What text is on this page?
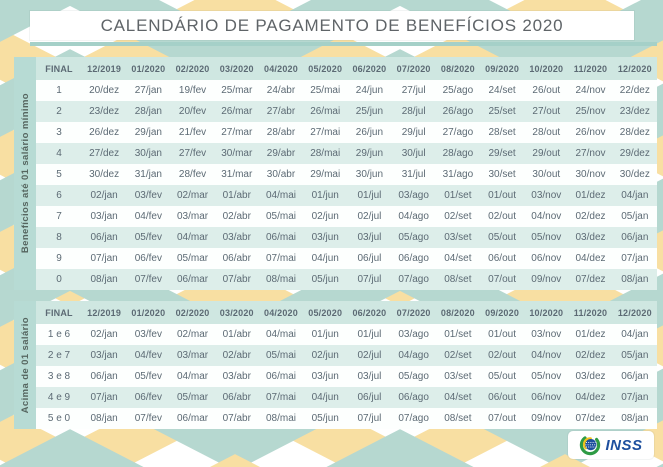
CALENDÁRIO DE PAGAMENTO DE BENEFÍCIOS 2020
Benefícios até 01 salário mínimo
FINAL	12/2019	01/2020	02/2020	03/2020	04/2020	05/2020	06/2020	07/2020	08/2020	09/2020	10/2020	11/2020	12/2020
1	20/dez	27/jan	19/fev	25/mar	24/abr	25/mai	24/jun	27/jul	25/ago	24/set	26/out	24/nov	22/dez
2	23/dez	28/jan	20/fev	26/mar	27/abr	26/mai	25/jun	28/jul	26/ago	25/set	27/out	25/nov	23/dez
3	26/dez	29/jan	21/fev	27/mar	28/abr	27/mai	26/jun	29/jul	27/ago	28/set	28/out	26/nov	28/dez
4	27/dez	30/jan	27/fev	30/mar	29/abr	28/mai	29/jun	30/jul	28/ago	29/set	29/out	27/nov	29/dez
5	30/dez	31/jan	28/fev	31/mar	30/abr	29/mai	30/jun	31/jul	31/ago	30/set	30/out	30/nov	30/dez
6	02/jan	03/fev	02/mar	01/abr	04/mai	01/jun	01/jul	03/ago	01/set	01/out	03/nov	01/dez	04/jan
7	03/jan	04/fev	03/mar	02/abr	05/mai	02/jun	02/jul	04/ago	02/set	02/out	04/nov	02/dez	05/jan
8	06/jan	05/fev	04/mar	03/abr	06/mai	03/jun	03/jul	05/ago	03/set	05/out	05/nov	03/dez	06/jan
9	07/jan	06/fev	05/mar	06/abr	07/mai	04/jun	06/jul	06/ago	04/set	06/out	06/nov	04/dez	07/jan
0	08/jan	07/fev	06/mar	07/abr	08/mai	05/jun	07/jul	07/ago	08/set	07/out	09/nov	07/dez	08/jan
Acima de 01 salário
FINAL	12/2019	01/2020	02/2020	03/2020	04/2020	05/2020	06/2020	07/2020	08/2020	09/2020	10/2020	11/2020	12/2020
1 e 6	02/jan	03/fev	02/mar	01/abr	04/mai	01/jun	01/jul	03/ago	01/set	01/out	03/nov	01/dez	04/jan
2 e 7	03/jan	04/fev	03/mar	02/abr	05/mai	02/jun	02/jul	04/ago	02/set	02/out	04/nov	02/dez	05/jan
3 e 8	06/jan	05/fev	04/mar	03/abr	06/mai	03/jun	03/jul	05/ago	03/set	05/out	05/nov	03/dez	06/jan
4 e 9	07/jan	06/fev	05/mar	06/abr	07/mai	04/jun	06/jul	06/ago	04/set	06/out	06/nov	04/dez	07/jan
5 e 0	08/jan	07/fev	06/mar	07/abr	08/mai	05/jun	07/jul	07/ago	08/set	07/out	09/nov	07/dez	08/jan
INSS
